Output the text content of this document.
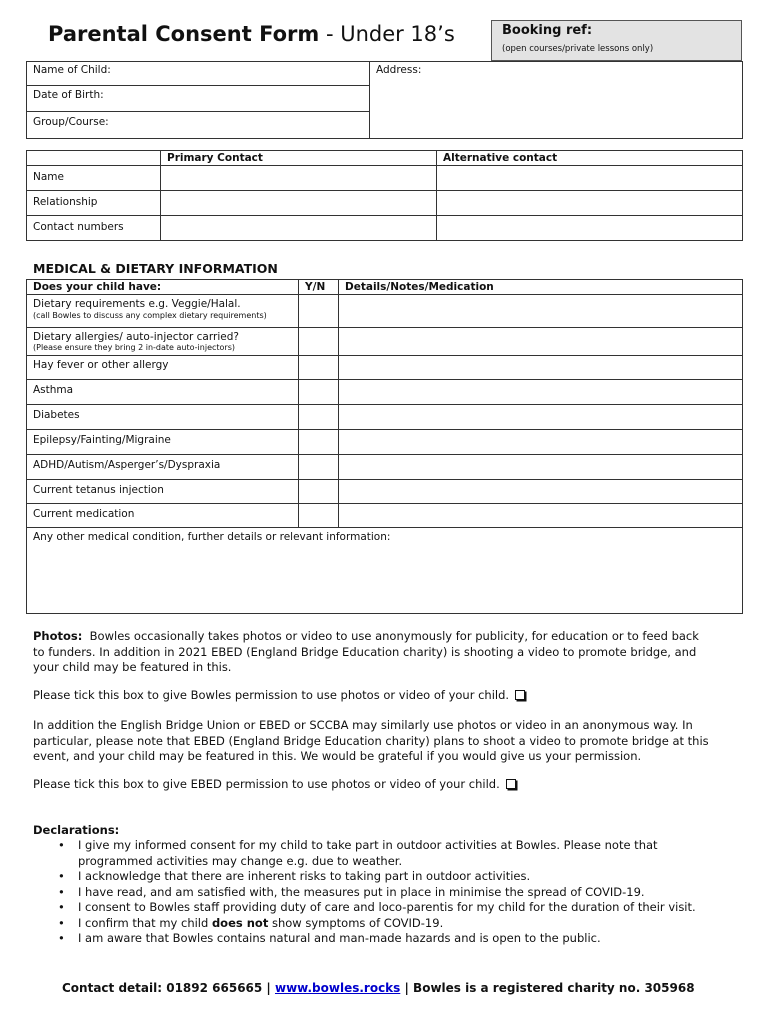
Parental Consent Form - Under 18’s	Booking ref:
(open courses/private lessons only)
Name of Child:
Date of Birth:
Group/Course:
Address:
Primary Contact	Alternative contact
Name
Relationship
Contact numbers
MEDICAL & DIETARY INFORMATION
Does your child have:	Y/N	Details/Notes/Medication
Dietary requirements e.g. Veggie/Halal.
(call Bowles to discuss any complex dietary requirements)
Dietary allergies/ auto-injector carried?
(Please ensure they bring 2 in-date auto-injectors)
Hay fever or other allergy
Asthma
Diabetes
Epilepsy/Fainting/Migraine
ADHD/Autism/Asperger’s/Dyspraxia
Current tetanus injection
Current medication
Any other medical condition, further details or relevant information:
Photos: Bowles occasionally takes photos or video to use anonymously for publicity, for education or to feed back to funders. In addition in 2021 EBED (England Bridge Education charity) is shooting a video to promote bridge, and your child may be featured in this.
Please tick this box to give Bowles permission to use photos or video of your child.
In addition the English Bridge Union or EBED or SCCBA may similarly use photos or video in an anonymous way. In particular, please note that EBED (England Bridge Education charity) plans to shoot a video to promote bridge at this event, and your child may be featured in this. We would be grateful if you would give us your permission.
Please tick this box to give EBED permission to use photos or video of your child.
Declarations:
• I give my informed consent for my child to take part in outdoor activities at Bowles. Please note that programmed activities may change e.g. due to weather.
• I acknowledge that there are inherent risks to taking part in outdoor activities.
• I have read, and am satisfied with, the measures put in place in minimise the spread of COVID-19.
• I consent to Bowles staff providing duty of care and loco-parentis for my child for the duration of their visit.
• I confirm that my child does not show symptoms of COVID-19.
• I am aware that Bowles contains natural and man-made hazards and is open to the public.
Contact detail: 01892 665665 | www.bowles.rocks | Bowles is a registered charity no. 305968
